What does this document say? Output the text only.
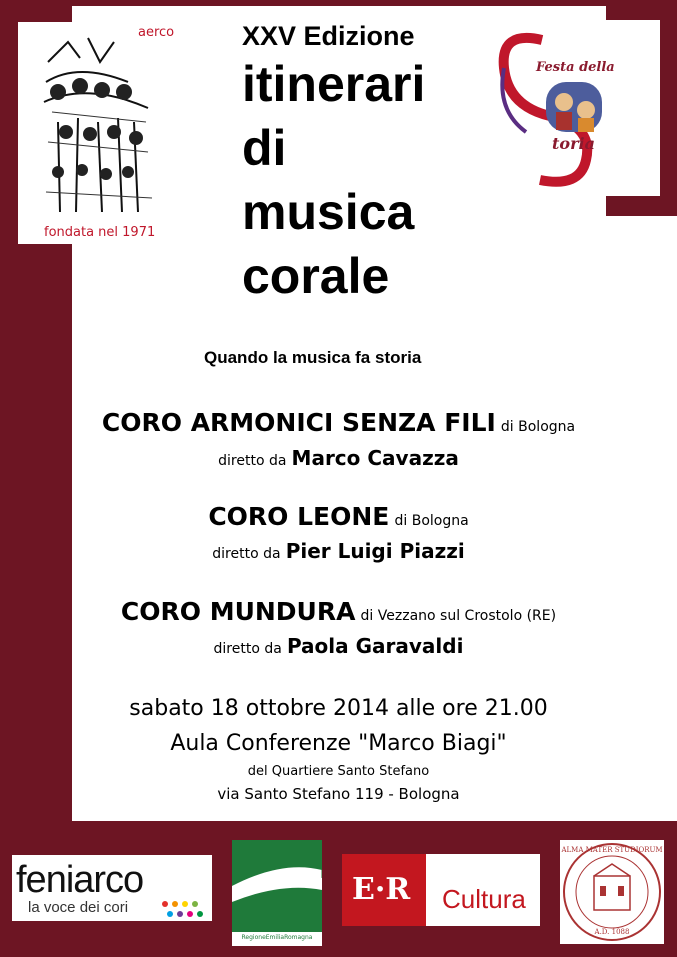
aerco
fondata nel 1971
Festa della
toria
XXV Edizione
itinerari
di
musica
corale
Quando la musica fa storia
CORO ARMONICI SENZA FILI di Bologna
diretto da Marco Cavazza
CORO LEONE di Bologna
diretto da Pier Luigi Piazzi
CORO MUNDURA di Vezzano sul Crostolo (RE)
diretto da Paola Garavaldi
sabato 18 ottobre 2014 alle ore 21.00
Aula Conferenze "Marco Biagi"
del Quartiere Santo Stefano
via Santo Stefano 119 - Bologna
feniarco
la voce dei cori
RegioneEmiliaRomagna
E·R Cultura
ALMA MATER STUDIORUM
A.D. 1088
